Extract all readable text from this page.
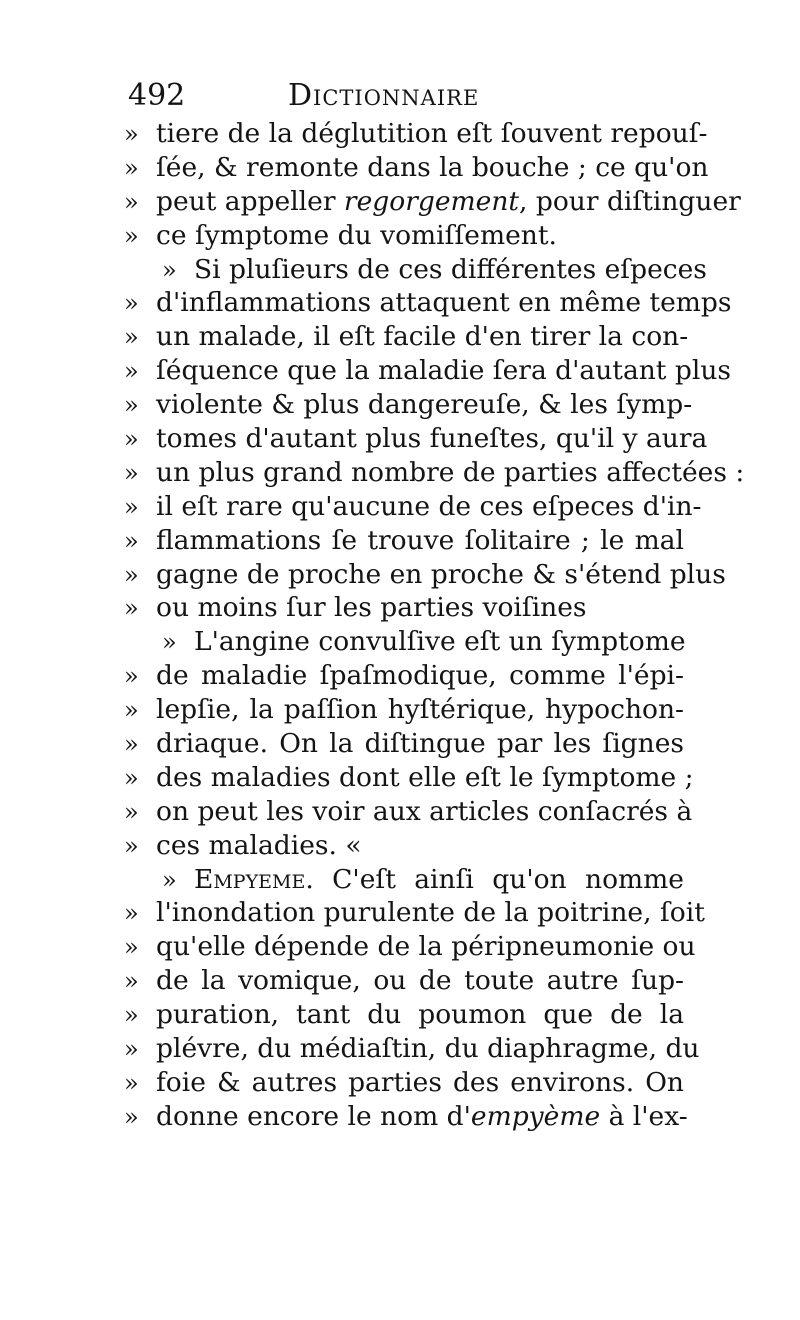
492	Dictionnaire
» tiere de la déglutition eſt ſouvent repouſ-
» ſée, & remonte dans la bouche ; ce qu'on
» peut appeller regorgement, pour diſtinguer
» ce ſymptome du vomiſſement.
» Si pluſieurs de ces différentes eſpeces
» d'inflammations attaquent en même temps
» un malade, il eſt facile d'en tirer la con-
» ſéquence que la maladie ſera d'autant plus
» violente & plus dangereuſe, & les ſymp-
» tomes d'autant plus funeſtes, qu'il y aura
» un plus grand nombre de parties affectées :
» il eſt rare qu'aucune de ces eſpeces d'in-
» flammations ſe trouve ſolitaire ; le mal
» gagne de proche en proche & s'étend plus
» ou moins ſur les parties voiſines
» L'angine convulſive eſt un ſymptome
» de maladie ſpaſmodique, comme l'épi-
» lepſie, la paſſion hyſtérique, hypochon-
» driaque. On la diſtingue par les ſignes
» des maladies dont elle eſt le ſymptome ;
» on peut les voir aux articles conſacrés à
» ces maladies. «
» Empyeme. C'eſt ainſi qu'on nomme
» l'inondation purulente de la poitrine, ſoit
» qu'elle dépende de la péripneumonie ou
» de la vomique, ou de toute autre ſup-
» puration, tant du poumon que de la
» plévre, du médiaſtin, du diaphragme, du
» foie & autres parties des environs. On
» donne encore le nom d'empyème à l'ex-
